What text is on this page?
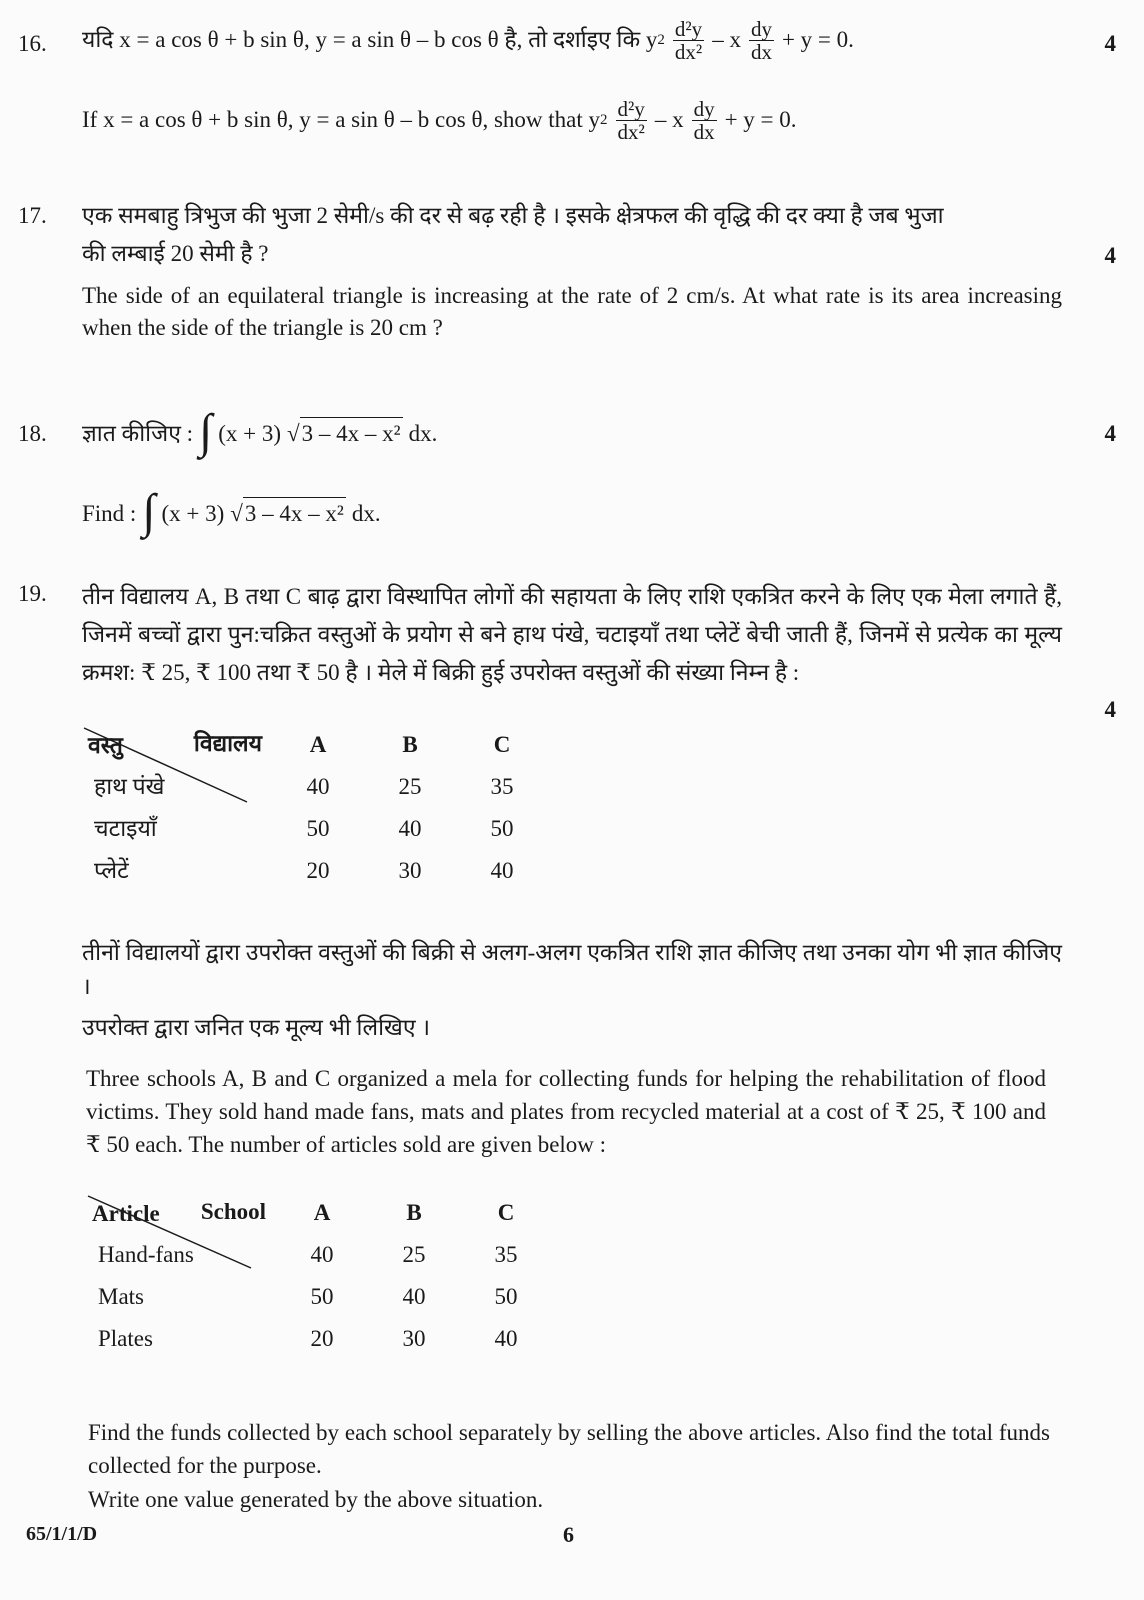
16.	4
यदि x = a cos θ + b sin θ, y = a sin θ – b cos θ है, तो दर्शाइए कि y $2 \frac{\text{d²y}}{\text{dx²}} - x \frac{dy}{dx} + y = 0$.
If x = a cos θ + b sin θ, y = a sin θ – b cos θ, show that y $2 \frac{\text{d²y}}{\text{dx²}} - x \frac{dy}{dx} + y = 0$.
17.
4
एक समबाहु त्रिभुज की भुजा 2 सेमी/s की दर से बढ़ रही है । इसके क्षेत्रफल की वृद्धि की दर क्या है जब भुजा
की लम्बाई 20 सेमी है ?
The side of an equilateral triangle is increasing at the rate of 2 cm/s. At what rate is its area increasing when the side of the triangle is 20 cm ?
18.	4
ज्ञात कीजिए : ∫ (x + 3) √ 3 – 4x – x² dx.
Find : ∫ (x + 3) √ 3 – 4x – x² dx.
19.
4
तीन विद्यालय A, B तथा C बाढ़ द्वारा विस्थापित लोगों की सहायता के लिए राशि एकत्रित करने के लिए एक मेला लगाते हैं, जिनमें बच्चों द्वारा पुन:चक्रित वस्तुओं के प्रयोग से बने हाथ पंखे, चटाइयाँ तथा प्लेटें बेची जाती हैं, जिनमें से प्रत्येक का मूल्य क्रमश: ₹ 25, ₹ 100 तथा ₹ 50 है । मेले में बिक्री हुई उपरोक्त वस्तुओं की संख्या निम्न है :
विद्यालय
वस्तु	A	B	C
हाथ पंखे	40	25	35
चटाइयाँ	50	40	50
प्लेटें	20	30	40
तीनों विद्यालयों द्वारा उपरोक्त वस्तुओं की बिक्री से अलग-अलग एकत्रित राशि ज्ञात कीजिए तथा उनका योग भी ज्ञात कीजिए ।
उपरोक्त द्वारा जनित एक मूल्य भी लिखिए ।
Three schools A, B and C organized a mela for collecting funds for helping the rehabilitation of flood victims. They sold hand made fans, mats and plates from recycled material at a cost of ₹ 25, ₹ 100 and ₹ 50 each. The number of articles sold are given below :
School
Article	A	B	C
Hand-fans	40	25	35
Mats	50	40	50
Plates	20	30	40
Find the funds collected by each school separately by selling the above articles. Also find the total funds collected for the purpose.
Write one value generated by the above situation.
65/1/1/D	6
